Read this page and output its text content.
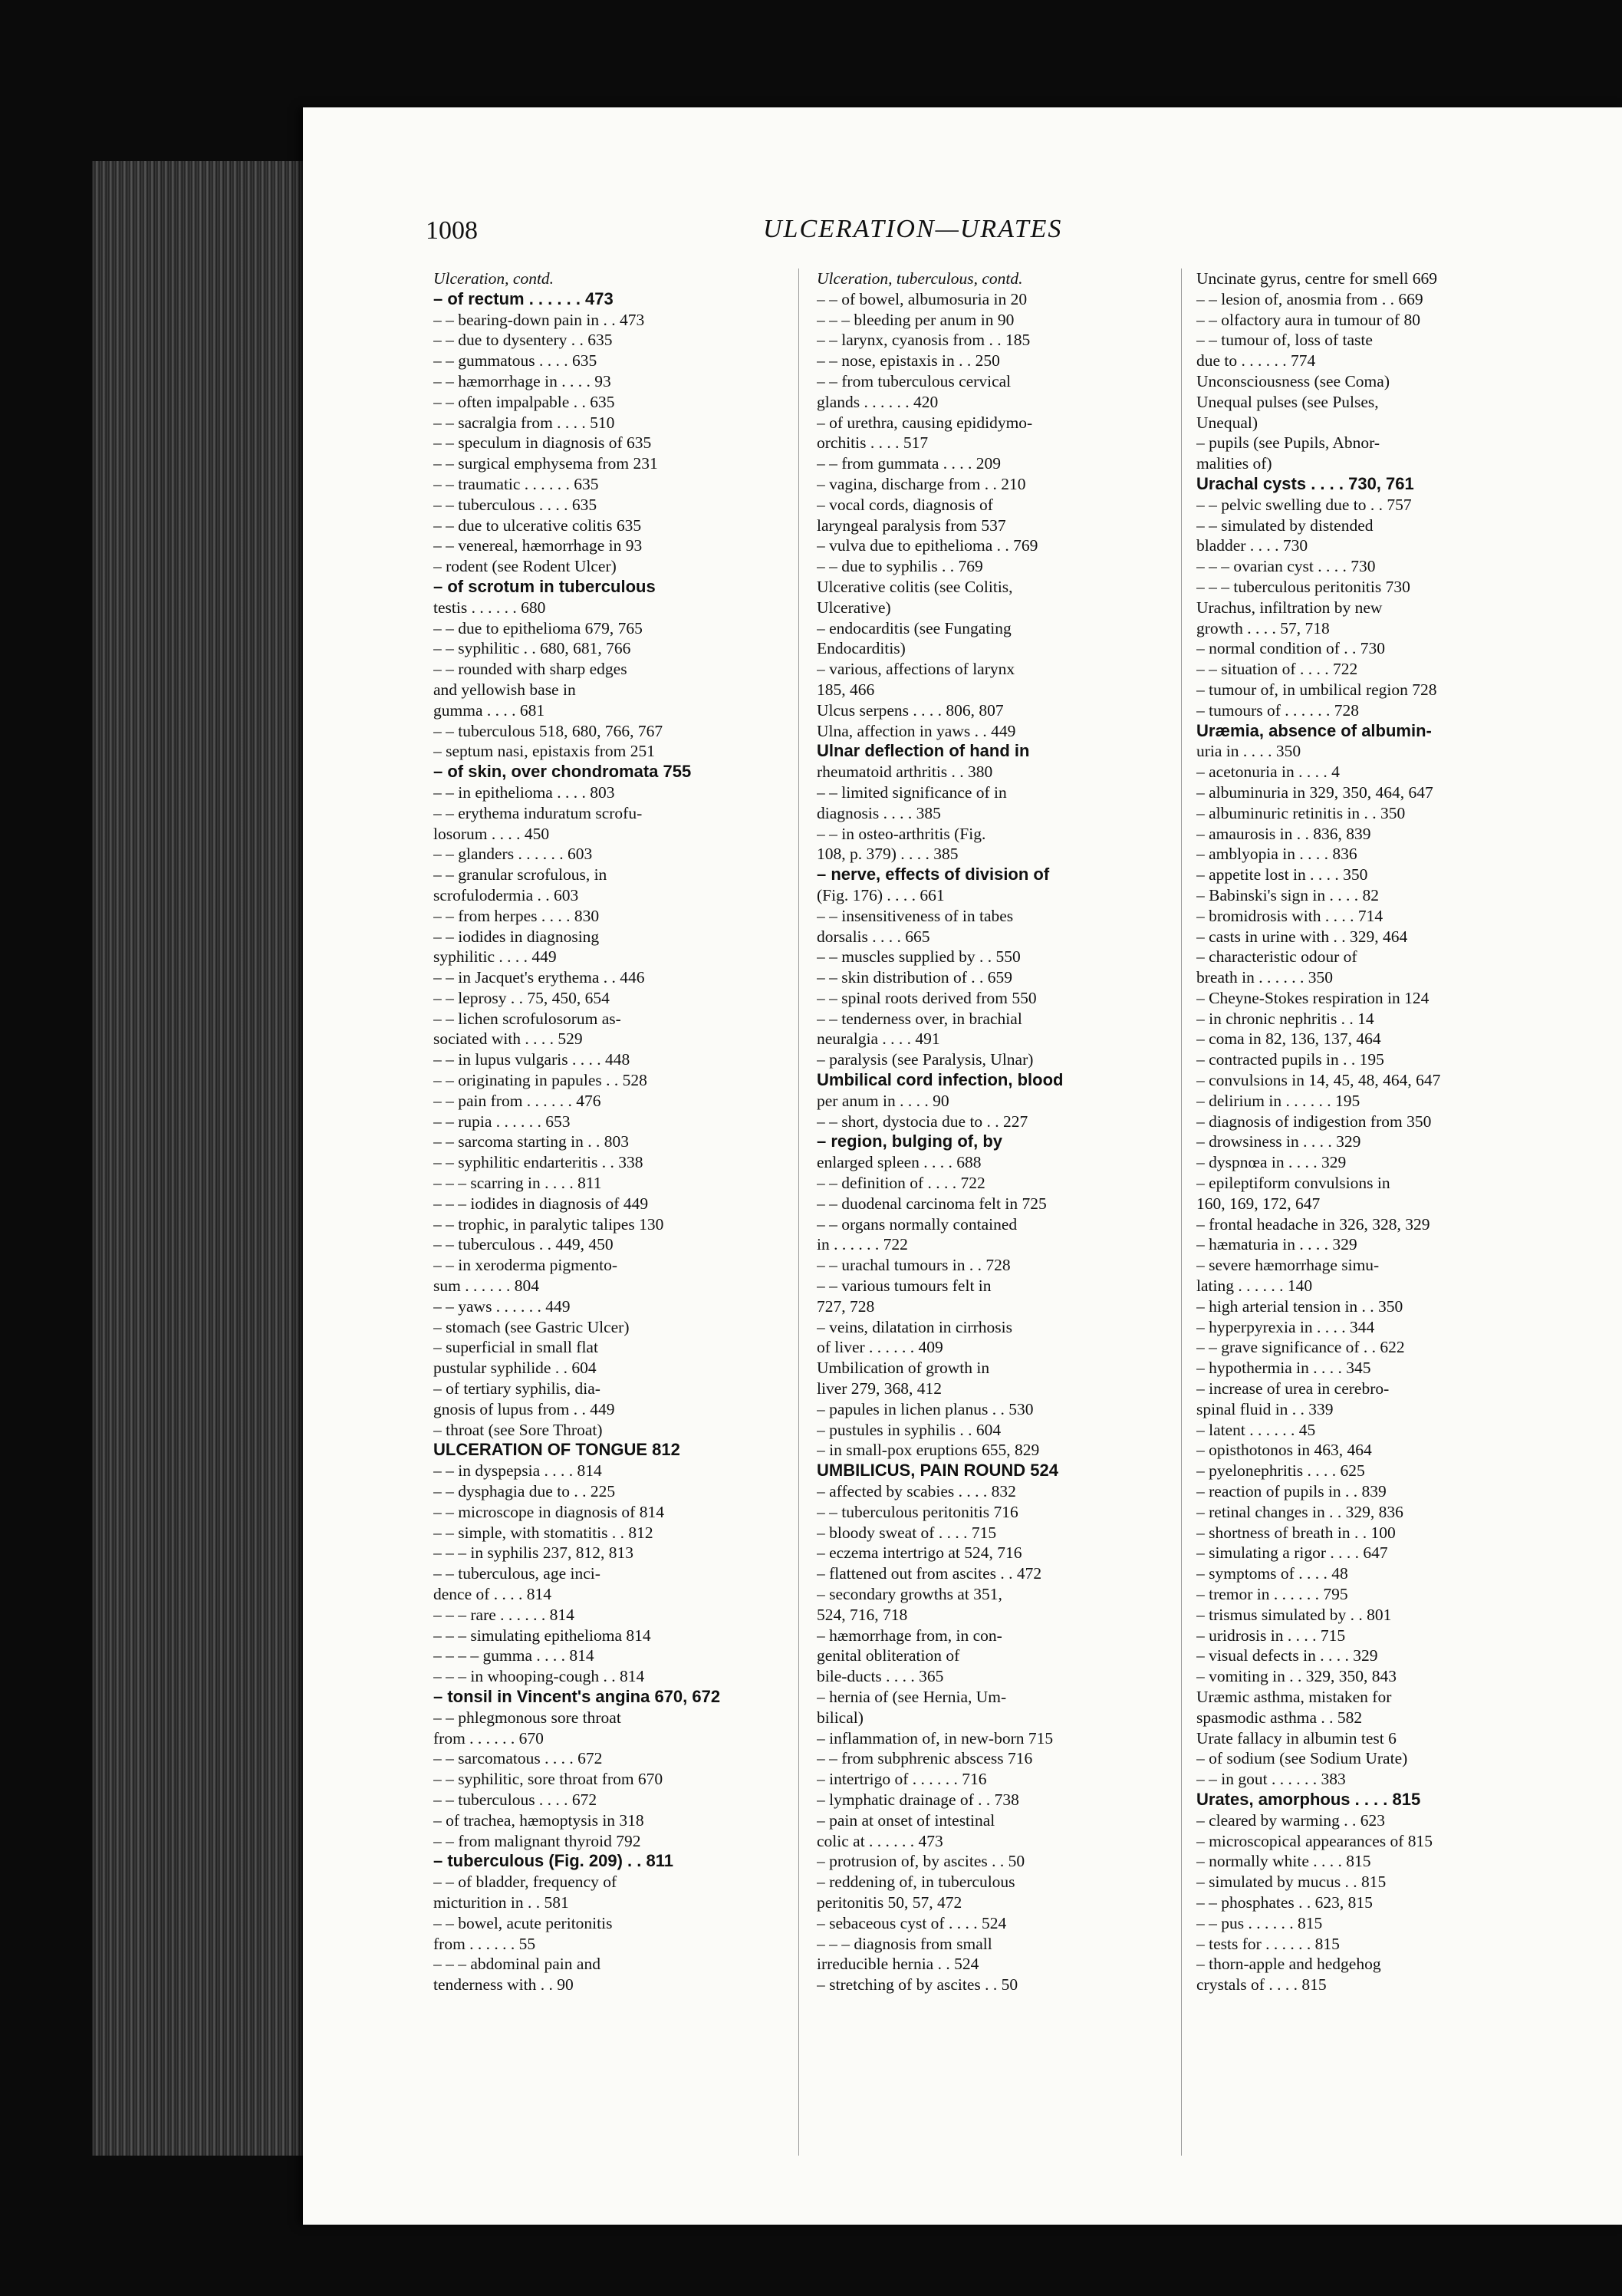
1008	ULCERATION—URATES
Ulceration, contd.
– of rectum . . . . . . 473
– – bearing-down pain in . . 473
– – due to dysentery . . 635
– – gummatous . . . . 635
– – hæmorrhage in . . . . 93
– – often impalpable . . 635
– – sacralgia from . . . . 510
– – speculum in diagnosis of 635
– – surgical emphysema from 231
– – traumatic . . . . . . 635
– – tuberculous . . . . 635
– – due to ulcerative colitis 635
– – venereal, hæmorrhage in 93
– rodent (see Rodent Ulcer)
– of scrotum in tuberculous
testis . . . . . . 680
– – due to epithelioma 679, 765
– – syphilitic . . 680, 681, 766
– – rounded with sharp edges
and yellowish base in
gumma . . . . 681
– – tuberculous 518, 680, 766, 767
– septum nasi, epistaxis from 251
– of skin, over chondromata 755
– – in epithelioma . . . . 803
– – erythema induratum scrofu-
losorum . . . . 450
– – glanders . . . . . . 603
– – granular scrofulous, in
scrofulodermia . . 603
– – from herpes . . . . 830
– – iodides in diagnosing
syphilitic . . . . 449
– – in Jacquet's erythema . . 446
– – leprosy . . 75, 450, 654
– – lichen scrofulosorum as-
sociated with . . . . 529
– – in lupus vulgaris . . . . 448
– – originating in papules . . 528
– – pain from . . . . . . 476
– – rupia . . . . . . 653
– – sarcoma starting in . . 803
– – syphilitic endarteritis . . 338
– – – scarring in . . . . 811
– – – iodides in diagnosis of 449
– – trophic, in paralytic talipes 130
– – tuberculous . . 449, 450
– – in xeroderma pigmento-
sum . . . . . . 804
– – yaws . . . . . . 449
– stomach (see Gastric Ulcer)
– superficial in small flat
pustular syphilide . . 604
– of tertiary syphilis, dia-
gnosis of lupus from . . 449
– throat (see Sore Throat)
ULCERATION OF TONGUE 812
– – in dyspepsia . . . . 814
– – dysphagia due to . . 225
– – microscope in diagnosis of 814
– – simple, with stomatitis . . 812
– – – in syphilis 237, 812, 813
– – tuberculous, age inci-
dence of . . . . 814
– – – rare . . . . . . 814
– – – simulating epithelioma 814
– – – – gumma . . . . 814
– – – in whooping-cough . . 814
– tonsil in Vincent's angina 670, 672
– – phlegmonous sore throat
from . . . . . . 670
– – sarcomatous . . . . 672
– – syphilitic, sore throat from 670
– – tuberculous . . . . 672
– of trachea, hæmoptysis in 318
– – from malignant thyroid 792
– tuberculous (Fig. 209) . . 811
– – of bladder, frequency of
micturition in . . 581
– – bowel, acute peritonitis
from . . . . . . 55
– – – abdominal pain and
tenderness with . . 90
Ulceration, tuberculous, contd.
– – of bowel, albumosuria in 20
– – – bleeding per anum in 90
– – larynx, cyanosis from . . 185
– – nose, epistaxis in . . 250
– – from tuberculous cervical
glands . . . . . . 420
– of urethra, causing epididymo-
orchitis . . . . 517
– – from gummata . . . . 209
– vagina, discharge from . . 210
– vocal cords, diagnosis of
laryngeal paralysis from 537
– vulva due to epithelioma . . 769
– – due to syphilis . . 769
Ulcerative colitis (see Colitis,
Ulcerative)
– endocarditis (see Fungating
Endocarditis)
– various, affections of larynx
185, 466
Ulcus serpens . . . . 806, 807
Ulna, affection in yaws . . 449
Ulnar deflection of hand in
rheumatoid arthritis . . 380
– – limited significance of in
diagnosis . . . . 385
– – in osteo-arthritis (Fig.
108, p. 379) . . . . 385
– nerve, effects of division of
(Fig. 176) . . . . 661
– – insensitiveness of in tabes
dorsalis . . . . 665
– – muscles supplied by . . 550
– – skin distribution of . . 659
– – spinal roots derived from 550
– – tenderness over, in brachial
neuralgia . . . . 491
– paralysis (see Paralysis, Ulnar)
Umbilical cord infection, blood
per anum in . . . . 90
– – short, dystocia due to . . 227
– region, bulging of, by
enlarged spleen . . . . 688
– – definition of . . . . 722
– – duodenal carcinoma felt in 725
– – organs normally contained
in . . . . . . 722
– – urachal tumours in . . 728
– – various tumours felt in
727, 728
– veins, dilatation in cirrhosis
of liver . . . . . . 409
Umbilication of growth in
liver 279, 368, 412
– papules in lichen planus . . 530
– pustules in syphilis . . 604
– in small-pox eruptions 655, 829
UMBILICUS, PAIN ROUND 524
– affected by scabies . . . . 832
– – tuberculous peritonitis 716
– bloody sweat of . . . . 715
– eczema intertrigo at 524, 716
– flattened out from ascites . . 472
– secondary growths at 351,
524, 716, 718
– hæmorrhage from, in con-
genital obliteration of
bile-ducts . . . . 365
– hernia of (see Hernia, Um-
bilical)
– inflammation of, in new-born 715
– – from subphrenic abscess 716
– intertrigo of . . . . . . 716
– lymphatic drainage of . . 738
– pain at onset of intestinal
colic at . . . . . . 473
– protrusion of, by ascites . . 50
– reddening of, in tuberculous
peritonitis 50, 57, 472
– sebaceous cyst of . . . . 524
– – – diagnosis from small
irreducible hernia . . 524
– stretching of by ascites . . 50
Uncinate gyrus, centre for smell 669
– – lesion of, anosmia from . . 669
– – olfactory aura in tumour of 80
– – tumour of, loss of taste
due to . . . . . . 774
Unconsciousness (see Coma)
Unequal pulses (see Pulses,
Unequal)
– pupils (see Pupils, Abnor-
malities of)
Urachal cysts . . . . 730, 761
– – pelvic swelling due to . . 757
– – simulated by distended
bladder . . . . 730
– – – ovarian cyst . . . . 730
– – – tuberculous peritonitis 730
Urachus, infiltration by new
growth . . . . 57, 718
– normal condition of . . 730
– – situation of . . . . 722
– tumour of, in umbilical region 728
– tumours of . . . . . . 728
Uræmia, absence of albumin-
uria in . . . . 350
– acetonuria in . . . . 4
– albuminuria in 329, 350, 464, 647
– albuminuric retinitis in . . 350
– amaurosis in . . 836, 839
– amblyopia in . . . . 836
– appetite lost in . . . . 350
– Babinski's sign in . . . . 82
– bromidrosis with . . . . 714
– casts in urine with . . 329, 464
– characteristic odour of
breath in . . . . . . 350
– Cheyne-Stokes respiration in 124
– in chronic nephritis . . 14
– coma in 82, 136, 137, 464
– contracted pupils in . . 195
– convulsions in 14, 45, 48, 464, 647
– delirium in . . . . . . 195
– diagnosis of indigestion from 350
– drowsiness in . . . . 329
– dyspnœa in . . . . 329
– epileptiform convulsions in
160, 169, 172, 647
– frontal headache in 326, 328, 329
– hæmaturia in . . . . 329
– severe hæmorrhage simu-
lating . . . . . . 140
– high arterial tension in . . 350
– hyperpyrexia in . . . . 344
– – grave significance of . . 622
– hypothermia in . . . . 345
– increase of urea in cerebro-
spinal fluid in . . 339
– latent . . . . . . 45
– opisthotonos in 463, 464
– pyelonephritis . . . . 625
– reaction of pupils in . . 839
– retinal changes in . . 329, 836
– shortness of breath in . . 100
– simulating a rigor . . . . 647
– symptoms of . . . . 48
– tremor in . . . . . . 795
– trismus simulated by . . 801
– uridrosis in . . . . 715
– visual defects in . . . . 329
– vomiting in . . 329, 350, 843
Uræmic asthma, mistaken for
spasmodic asthma . . 582
Urate fallacy in albumin test 6
– of sodium (see Sodium Urate)
– – in gout . . . . . . 383
Urates, amorphous . . . . 815
– cleared by warming . . 623
– microscopical appearances of 815
– normally white . . . . 815
– simulated by mucus . . 815
– – phosphates . . 623, 815
– – pus . . . . . . 815
– tests for . . . . . . 815
– thorn-apple and hedgehog
crystals of . . . . 815
